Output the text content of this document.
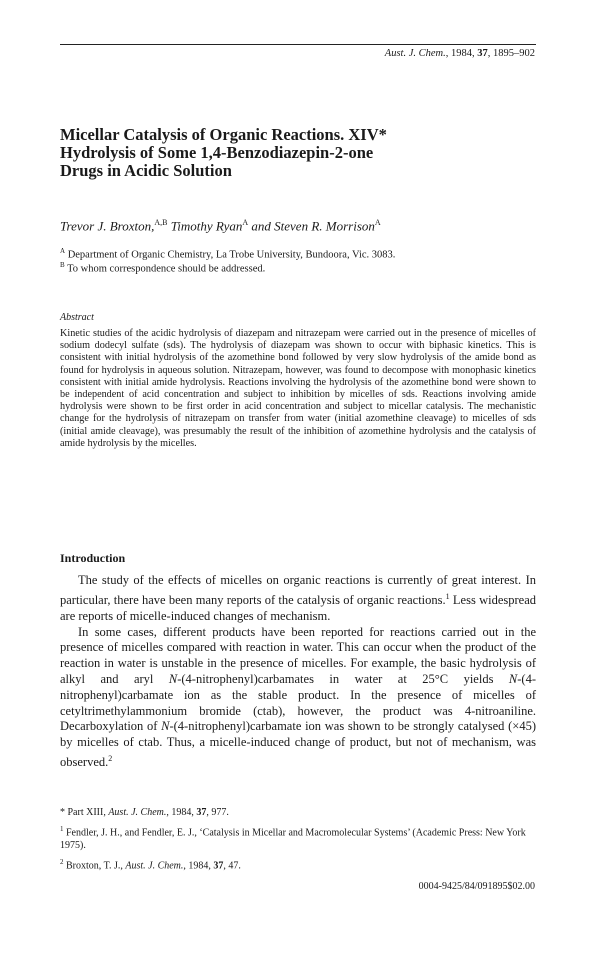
Aust. J. Chem., 1984, 37, 1895–902
Micellar Catalysis of Organic Reactions. XIV*
Hydrolysis of Some 1,4-Benzodiazepin-2-one
Drugs in Acidic Solution
Trevor J. Broxton,$^{A,B}$ Timothy Ryan$^A$ and Steven R. Morrison$^A$
$^A$ Department of Organic Chemistry, La Trobe University, Bundoora, Vic. 3083.
$^B$ To whom correspondence should be addressed.
Abstract
Kinetic studies of the acidic hydrolysis of diazepam and nitrazepam were carried out in the presence of micelles of sodium dodecyl sulfate (sds). The hydrolysis of diazepam was shown to occur with biphasic kinetics. This is consistent with initial hydrolysis of the azomethine bond followed by very slow hydrolysis of the amide bond as found for hydrolysis in aqueous solution. Nitrazepam, however, was found to decompose with monophasic kinetics consistent with initial amide hydrolysis. Reactions involving the hydrolysis of the azomethine bond were shown to be independent of acid concentration and subject to inhibition by micelles of sds. Reactions involving amide hydrolysis were shown to be first order in acid concentration and subject to micellar catalysis. The mechanistic change for the hydrolysis of nitrazepam on transfer from water (initial azomethine cleavage) to micelles of sds (initial amide cleavage), was presumably the result of the inhibition of azomethine hydrolysis and the catalysis of amide hydrolysis by the micelles.
Introduction

The study of the effects of micelles on organic reactions is currently of great interest. In particular, there have been many reports of the catalysis of organic reactions.$^1$ Less widespread are reports of micelle-induced changes of mechanism.

In some cases, different products have been reported for reactions carried out in the presence of micelles compared with reaction in water. This can occur when the product of the reaction in water is unstable in the presence of micelles. For example, the basic hydrolysis of alkyl and aryl N-(4-nitrophenyl)carbamates in water at 25°C yields N-(4-nitrophenyl)carbamate ion as the stable product. In the presence of micelles of cetyltrimethylammonium bromide (ctab), however, the product was 4-nitroaniline. Decarboxylation of N-(4-nitrophenyl)carbamate ion was shown to be strongly catalysed (×45) by micelles of ctab. Thus, a micelle-induced change of product, but not of mechanism, was observed.$^2$

* Part XIII, Aust. J. Chem., 1984, 37, 977.

$^1$ Fendler, J. H., and Fendler, E. J., ‘Catalysis in Micellar and Macromolecular Systems’ (Academic Press: New York 1975).

$^2$ Broxton, T. J., Aust. J. Chem., 1984, 37, 47.

0004-9425/84/091895$02.00
